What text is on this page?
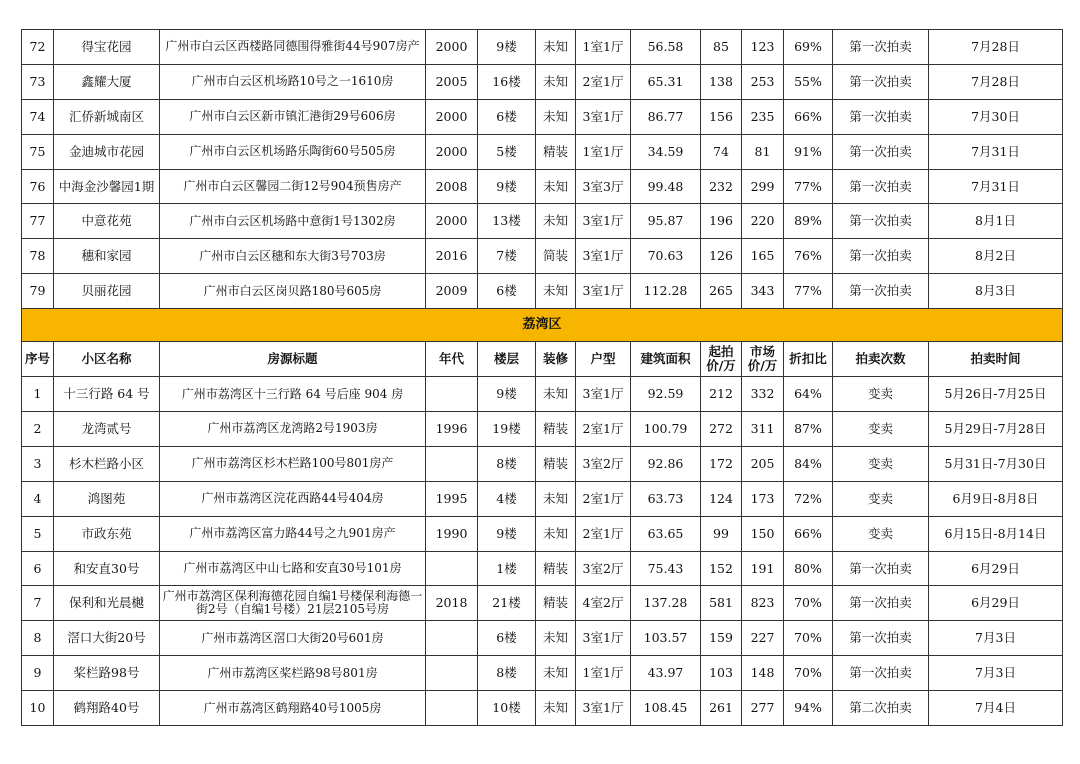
72	得宝花园	广州市白云区西楼路同德围得雅街44号907房产	2000	9楼	未知	1室1厅	56.58	85	123	69%	第一次拍卖	7月28日
73	鑫耀大厦	广州市白云区机场路10号之一1610房	2005	16楼	未知	2室1厅	65.31	138	253	55%	第一次拍卖	7月28日
74	汇侨新城南区	广州市白云区新市镇汇港街29号606房	2000	6楼	未知	3室1厅	86.77	156	235	66%	第一次拍卖	7月30日
75	金迪城市花园	广州市白云区机场路乐陶街60号505房	2000	5楼	精装	1室1厅	34.59	74	81	91%	第一次拍卖	7月31日
76	中海金沙馨园1期	广州市白云区馨园二街12号904预售房产	2008	9楼	未知	3室3厅	99.48	232	299	77%	第一次拍卖	7月31日
77	中意花苑	广州市白云区机场路中意街1号1302房	2000	13楼	未知	3室1厅	95.87	196	220	89%	第一次拍卖	8月1日
78	穗和家园	广州市白云区穗和东大街3号703房	2016	7楼	简装	3室1厅	70.63	126	165	76%	第一次拍卖	8月2日
79	贝丽花园	广州市白云区岗贝路180号605房	2009	6楼	未知	3室1厅	112.28	265	343	77%	第一次拍卖	8月3日
荔湾区												
序号	小区名称	房源标题	年代	楼层	装修	户型	建筑面积	起拍价/万	市场价/万	折扣比	拍卖次数	拍卖时间
1	十三行路 64 号	广州市荔湾区十三行路 64 号后座 904 房		9楼	未知	3室1厅	92.59	212	332	64%	变卖	5月26日-7月25日
2	龙湾贰号	广州市荔湾区龙湾路2号1903房	1996	19楼	精装	2室1厅	100.79	272	311	87%	变卖	5月29日-7月28日
3	杉木栏路小区	广州市荔湾区杉木栏路100号801房产		8楼	精装	3室2厅	92.86	172	205	84%	变卖	5月31日-7月30日
4	鸿图苑	广州市荔湾区浣花西路44号404房	1995	4楼	未知	2室1厅	63.73	124	173	72%	变卖	6月9日-8月8日
5	市政东苑	广州市荔湾区富力路44号之九901房产	1990	9楼	未知	2室1厅	63.65	99	150	66%	变卖	6月15日-8月14日
6	和安直30号	广州市荔湾区中山七路和安直30号101房		1楼	精装	3室2厅	75.43	152	191	80%	第一次拍卖	6月29日
7	保利和光晨樾	广州市荔湾区保利海德花园自编1号楼保利海德一街2号（自编1号楼）21层2105号房	2018	21楼	精装	4室2厅	137.28	581	823	70%	第一次拍卖	6月29日
8	滘口大街20号	广州市荔湾区滘口大街20号601房		6楼	未知	3室1厅	103.57	159	227	70%	第一次拍卖	7月3日
9	桨栏路98号	广州市荔湾区桨栏路98号801房		8楼	未知	1室1厅	43.97	103	148	70%	第一次拍卖	7月3日
10	鹤翔路40号	广州市荔湾区鹤翔路40号1005房		10楼	未知	3室1厅	108.45	261	277	94%	第二次拍卖	7月4日
